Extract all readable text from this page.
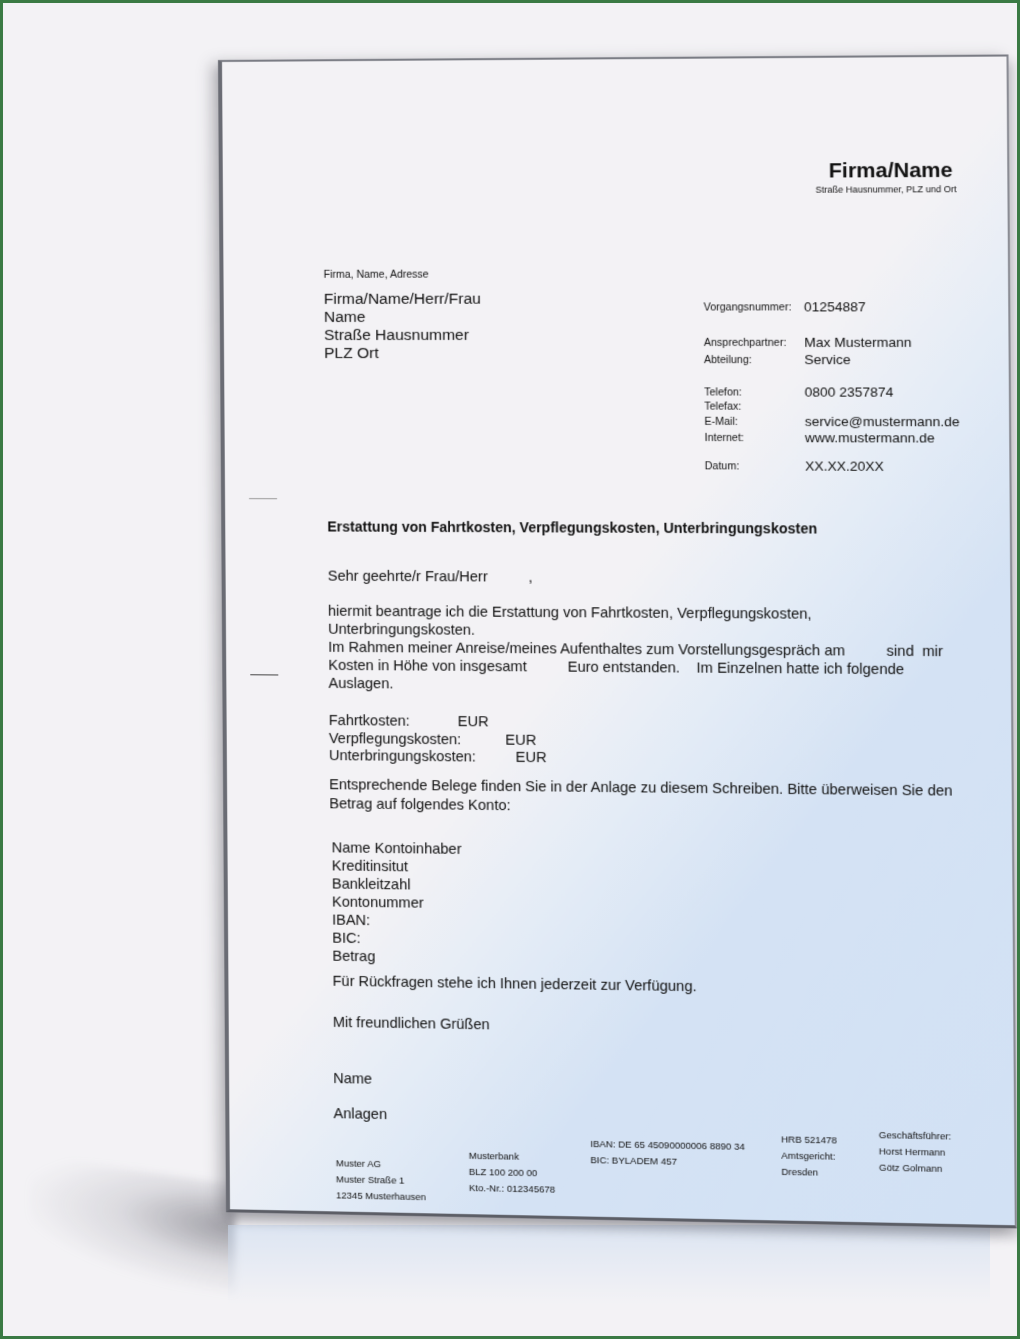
Firma/Name
Straße Hausnummer, PLZ und Ort
Firma, Name, Adresse
Firma/Name/Herr/Frau
Name
Straße Hausnummer
PLZ Ort
Vorgangsnummer: 01254887
Ansprechpartner:	Max Mustermann
Abteilung:	Service
Telefon:	0800 2357874
Telefax:
E-Mail:	service@mustermann.de
Internet:	www.mustermann.de
Datum:	XX.XX.20XX
Erstattung von Fahrtkosten, Verpflegungskosten, Unterbringungskosten
Sehr geehrte/r Frau/Herr          ,
hiermit beantrage ich die Erstattung von Fahrtkosten, Verpflegungskosten,
Unterbringungskosten.
Im Rahmen meiner Anreise/meines Aufenthaltes zum Vorstellungsgespräch am          sind  mir
Kosten in Höhe von insgesamt          Euro entstanden.    Im Einzelnen hatte ich folgende
Auslagen.
Fahrtkosten:	EUR
Verpflegungskosten:	EUR
Unterbringungskosten:	EUR
Entsprechende Belege finden Sie in der Anlage zu diesem Schreiben. Bitte überweisen Sie den
Betrag auf folgendes Konto:
Name Kontoinhaber
Kreditinsitut
Bankleitzahl
Kontonummer
IBAN:
BIC:
Betrag
Für Rückfragen stehe ich Ihnen jederzeit zur Verfügung.
Mit freundlichen Grüßen
Name
Anlagen
Muster AG
Muster Straße 1
12345 Musterhausen
Musterbank
BLZ 100 200 00
Kto.-Nr.: 012345678
IBAN: DE 65 45090000006 8890 34
BIC: BYLADEM 457
HRB 521478
Amtsgericht:
Dresden
Geschäftsführer:
Horst Hermann
Götz Golmann
